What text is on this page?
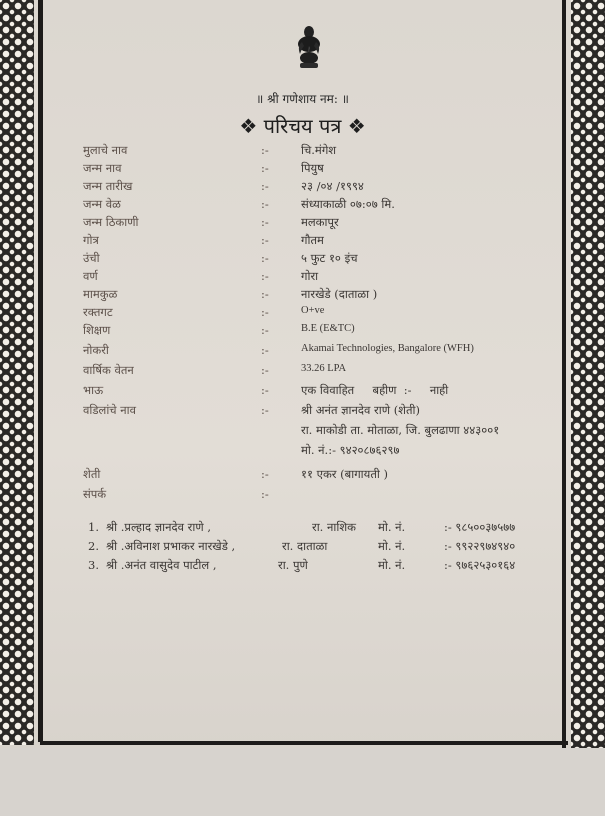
॥ श्री गणेशाय नम: ॥
❖ परिचय पत्र ❖
मुलाचे नाव	:-	चि.मंगेश
जन्म नाव	:-	पियुष
जन्म तारीख	:-	२३ /०४ /१९९४
जन्म वेळ	:-	संध्याकाळी ०७:०७ मि.
जन्म ठिकाणी	:-	मलकापूर
गोत्र	:-	गौतम
उंची	:-	५ फुट १० इंच
वर्ण	:-	गोरा
मामकुळ	:-	नारखेडे (दाताळा )
रक्तगट	:-	O+ve
शिक्षण	:-	B.E (E&TC)
नोकरी	:-	Akamai Technologies, Bangalore (WFH)
वार्षिक वेतन	:-	33.26 LPA
भाऊ	:-	एक विवाहित     बहीण  :-     नाही
वडिलांचे नाव	:-	श्री अनंत ज्ञानदेव राणे (शेती)
रा. माकोडी ता. मोताळा, जि. बुलढाणा ४४३००१
मो. नं.:- ९४२०८७६२९७
शेती	:-	११ एकर (बागायती )
संपर्क	:-
1. श्री .प्रल्हाद ज्ञानदेव राणे ,	रा. नाशिक मो. नं.	:- ९८५००३७५७७
2. श्री .अविनाश प्रभाकर नारखेडे ,	रा. दाताळा	मो. नं.	:- ९९२२९७४९४०
3. श्री .अनंत वासुदेव पाटील ,	रा. पुणे	मो. नं.	:- ९७६२५३०१६४
